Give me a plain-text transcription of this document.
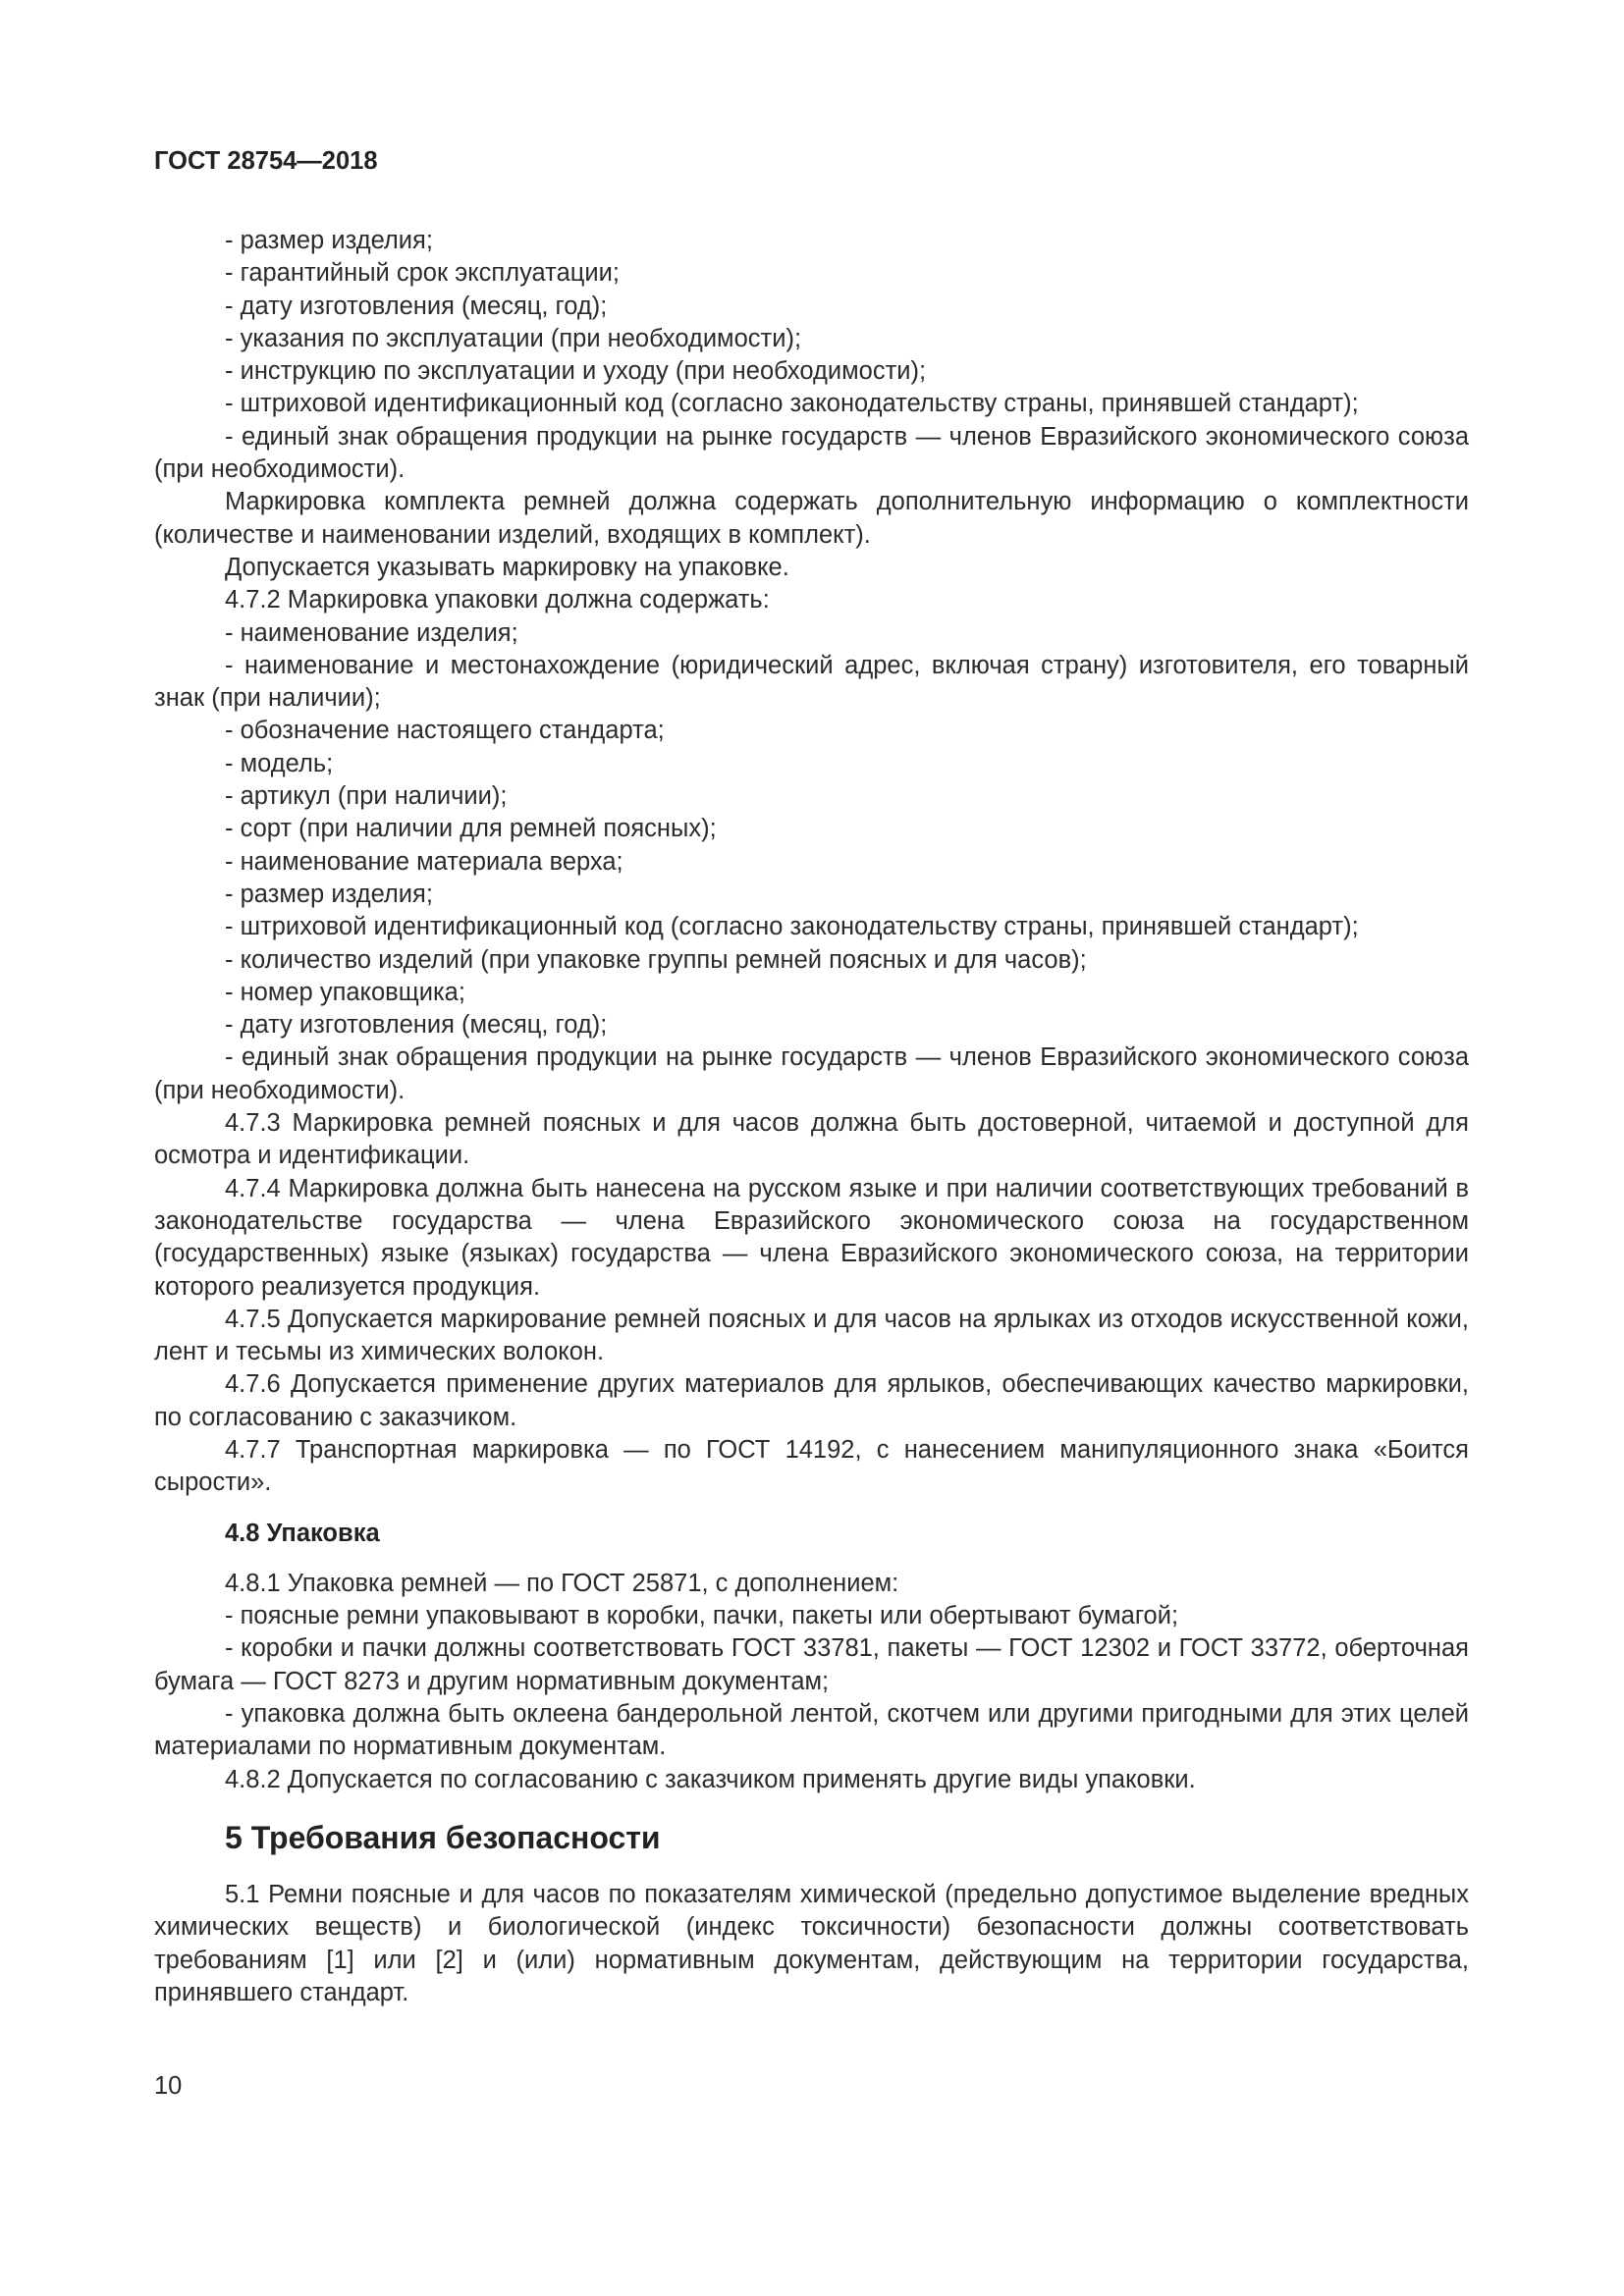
ГОСТ 28754—2018

- размер изделия;

- гарантийный срок эксплуатации;

- дату изготовления (месяц, год);

- указания по эксплуатации (при необходимости);

- инструкцию по эксплуатации и уходу (при необходимости);

- штриховой идентификационный код (согласно законодательству страны, принявшей стандарт);

- единый знак обращения продукции на рынке государств — членов Евразийского экономического союза (при необходимости).

Маркировка комплекта ремней должна содержать дополнительную информацию о комплектности (количестве и наименовании изделий, входящих в комплект).

Допускается указывать маркировку на упаковке.

4.7.2 Маркировка упаковки должна содержать:

- наименование изделия;

- наименование и местонахождение (юридический адрес, включая страну) изготовителя, его товарный знак (при наличии);

- обозначение настоящего стандарта;

- модель;

- артикул (при наличии);

- сорт (при наличии для ремней поясных);

- наименование материала верха;

- размер изделия;

- штриховой идентификационный код (согласно законодательству страны, принявшей стандарт);

- количество изделий (при упаковке группы ремней поясных и для часов);

- номер упаковщика;

- дату изготовления (месяц, год);

- единый знак обращения продукции на рынке государств — членов Евразийского экономического союза (при необходимости).

4.7.3 Маркировка ремней поясных и для часов должна быть достоверной, читаемой и доступной для осмотра и идентификации.

4.7.4 Маркировка должна быть нанесена на русском языке и при наличии соответствующих требований в законодательстве государства — члена Евразийского экономического союза на государственном (государственных) языке (языках) государства — члена Евразийского экономического союза, на территории которого реализуется продукция.

4.7.5 Допускается маркирование ремней поясных и для часов на ярлыках из отходов искусственной кожи, лент и тесьмы из химических волокон.

4.7.6 Допускается применение других материалов для ярлыков, обеспечивающих качество маркировки, по согласованию с заказчиком.

4.7.7 Транспортная маркировка — по ГОСТ 14192, с нанесением манипуляционного знака «Боится сырости».

4.8 Упаковка

4.8.1 Упаковка ремней — по ГОСТ 25871, с дополнением:

- поясные ремни упаковывают в коробки, пачки, пакеты или обертывают бумагой;

- коробки и пачки должны соответствовать ГОСТ 33781, пакеты — ГОСТ 12302 и ГОСТ 33772, оберточная бумага — ГОСТ 8273 и другим нормативным документам;

- упаковка должна быть оклеена бандерольной лентой, скотчем или другими пригодными для этих целей материалами по нормативным документам.

4.8.2 Допускается по согласованию с заказчиком применять другие виды упаковки.

5 Требования безопасности

5.1 Ремни поясные и для часов по показателям химической (предельно допустимое выделение вредных химических веществ) и биологической (индекс токсичности) безопасности должны соответствовать требованиям [1] или [2] и (или) нормативным документам, действующим на территории государства, принявшего стандарт.

10
